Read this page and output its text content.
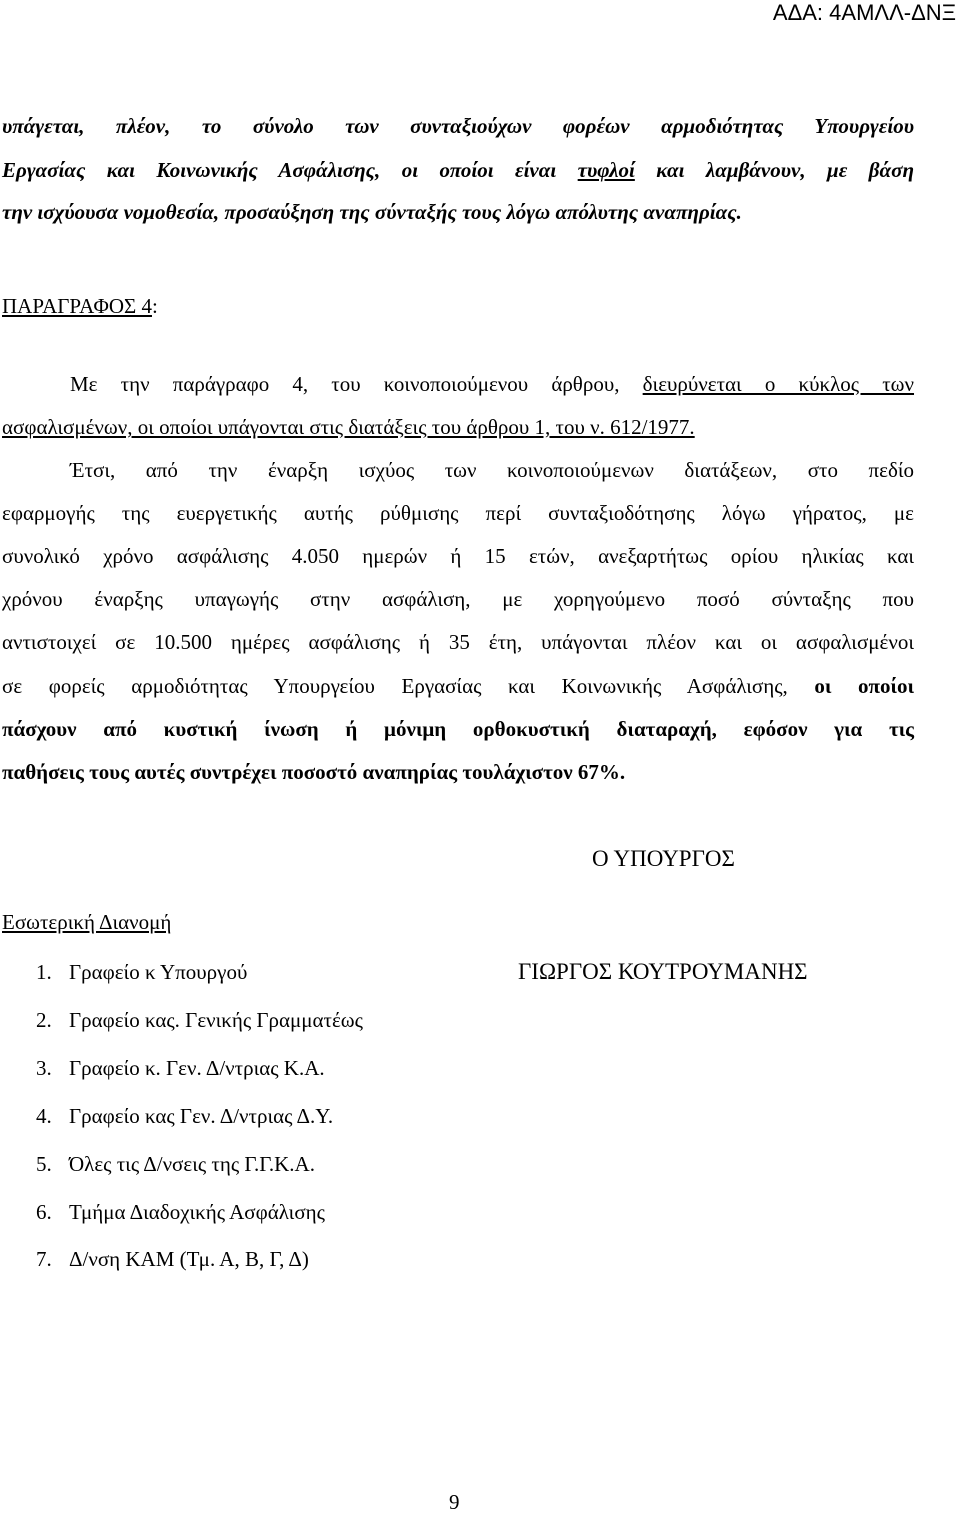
ΑΔΑ: 4ΑΜΛΛ-ΔΝΞ
υπάγεται, πλέον, το σύνολο των συνταξιούχων φορέων αρμοδιότητας Υπουργείου
Εργασίας και Κοινωνικής Ασφάλισης, οι οποίοι είναι τυφλοί και λαμβάνουν, με βάση
την ισχύουσα νομοθεσία, προσαύξηση της σύνταξής τους λόγω απόλυτης αναπηρίας.
ΠΑΡΑΓΡΑΦΟΣ 4:
Με την παράγραφο 4, του κοινοποιούμενου άρθρου, διευρύνεται ο κύκλος των
ασφαλισμένων, οι οποίοι υπάγονται στις διατάξεις του άρθρου 1, του ν. 612/1977.
Έτσι, από την έναρξη ισχύος των κοινοποιούμενων διατάξεων, στο πεδίο
εφαρμογής της ευεργετικής αυτής ρύθμισης περί συνταξιοδότησης λόγω γήρατος, με
συνολικό χρόνο ασφάλισης 4.050 ημερών ή 15 ετών, ανεξαρτήτως ορίου ηλικίας και
χρόνου έναρξης υπαγωγής στην ασφάλιση, με χορηγούμενο ποσό σύνταξης που
αντιστοιχεί σε 10.500 ημέρες ασφάλισης ή 35 έτη, υπάγονται πλέον και οι ασφαλισμένοι
σε φορείς αρμοδιότητας Υπουργείου Εργασίας και Κοινωνικής Ασφάλισης, οι οποίοι
πάσχουν από κυστική ίνωση ή μόνιμη ορθοκυστική διαταραχή, εφόσον για τις
παθήσεις τους αυτές συντρέχει ποσοστό αναπηρίας τουλάχιστον 67%.
Ο ΥΠΟΥΡΓΟΣ
ΓΙΩΡΓΟΣ ΚΟΥΤΡΟΥΜΑΝΗΣ
Εσωτερική Διανομή
1. Γραφείο κ Υπουργού
2. Γραφείο κας. Γενικής Γραμματέως
3. Γραφείο κ. Γεν. Δ/ντριας Κ.Α.
4. Γραφείο κας Γεν. Δ/ντριας Δ.Υ.
5. Όλες τις Δ/νσεις της Γ.Γ.Κ.Α.
6. Τμήμα Διαδοχικής Ασφάλισης
7. Δ/νση ΚΑΜ (Τμ. Α, Β, Γ, Δ)
9
